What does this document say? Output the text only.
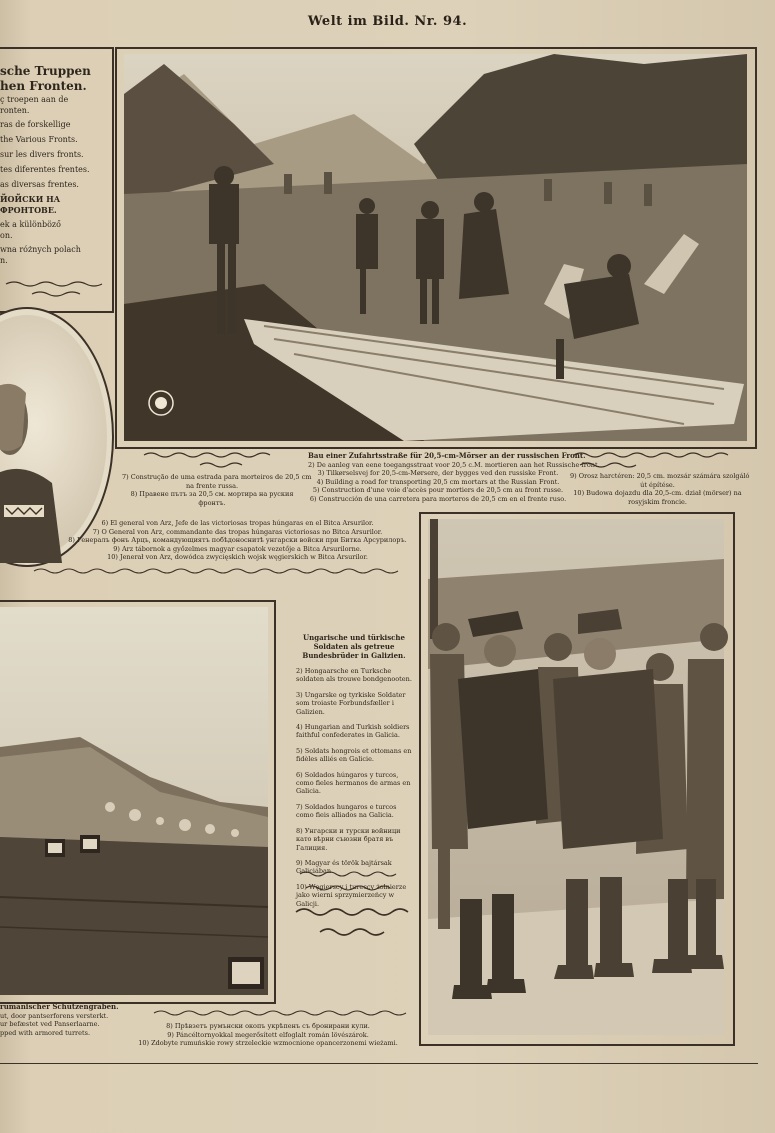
Welt im Bild. Nr. 94.
sche Truppen
hen Fronten.
ç troepen aan de
ronten.
ras de forskellige
the Various Fronts.
sur les divers fronts.
tes diferentes frentes.
as diversas frentes.
ЙОЙСКИ НА
ФРОНТОВЕ.
ek a különböző
on.
wna różnych polach
n.
7) Construção de uma estrada para morteiros de 20,5 cm
na frente russa.
8) Правене пътъ за 20,5 см. мортира на руския
фронтъ.
Bau einer Zufahrtsstraße für 20,5-cm-Mörser an der russischen Front.
2) De aanleg van eene toegangsstraat voor 20,5 c.M. mortieren aan het Russische front.
3) Tilkørselsvej for 20,5-cm-Mørsere, der bygges ved den russiske Front.
4) Building a road for transporting 20,5 cm mortars at the Russian Front.
5) Construction d'une voie d'accès pour mortiers de 20,5 cm au front russe.
6) Construcción de una carretera para morteros de 20,5 cm en el frente ruso.
9) Orosz harctéren: 20,5 cm. mozsár számára szolgáló
út építése.
10) Budowa dojazdu dla 20,5-cm. dział (mörser) na
rosyjskim froncie.
6) El general von Arz, Jefe de las victoriosas tropas húngaras en el Bitca Arsurilor.
7) O General von Arz, commandante das tropas húngaras victoriosas no Bitca Arsurilor.
8) Генералъ фонъ Арцъ, командующиятъ побѣдоноснитѣ унгарски войски при Битка Арсурилоръ.
9) Arz tábornok a győzelmes magyar csapatok vezetője a Bitca Arsurilorne.
10) Jenerał von Arz, dowódca zwycięskich wojsk węgierskich w Bitca Arsurilor.
Ungarische und türkische Soldaten als getreue Bundesbrüder in Galizien.
2) Hongaarsche en Turksche soldaten als trouwe bondgenooten.
3) Ungarske og tyrkiske Soldater som troiaste Forbundsfæller i Galizien.
4) Hungarian and Turkish soldiers faithful confederates in Galicia.
5) Soldats hongrois et ottomans en fidèles alliés en Galicie.
6) Soldados húngaros y turcos, como fieles hermanos de armas en Galicia.
7) Soldados hungaros e turcos como fieis alliados na Galicia.
8) Унгарски и турски войници като вѣрни съюзни братя въ Галиция.
9) Magyar és török bajtársak Galiciában.
10) Węgierscy i tureccy żołnierze jako wierni sprzymierzeńcy w Galicji.
rumänischer Schützengraben.
ut, door pantserforens versterkt.
ur befæstet ved Panserlaarne.
pped with armored turrets.
8) Прѣвзетъ румънски окопъ укрѣпенъ съ бронирани кули.
9) Páncéltornyokkal megerősített elfoglalt román lövészárok.
10) Zdobyte rumuńskie rowy strzeleckie wzmocnione opancerzonemi wieżami.
